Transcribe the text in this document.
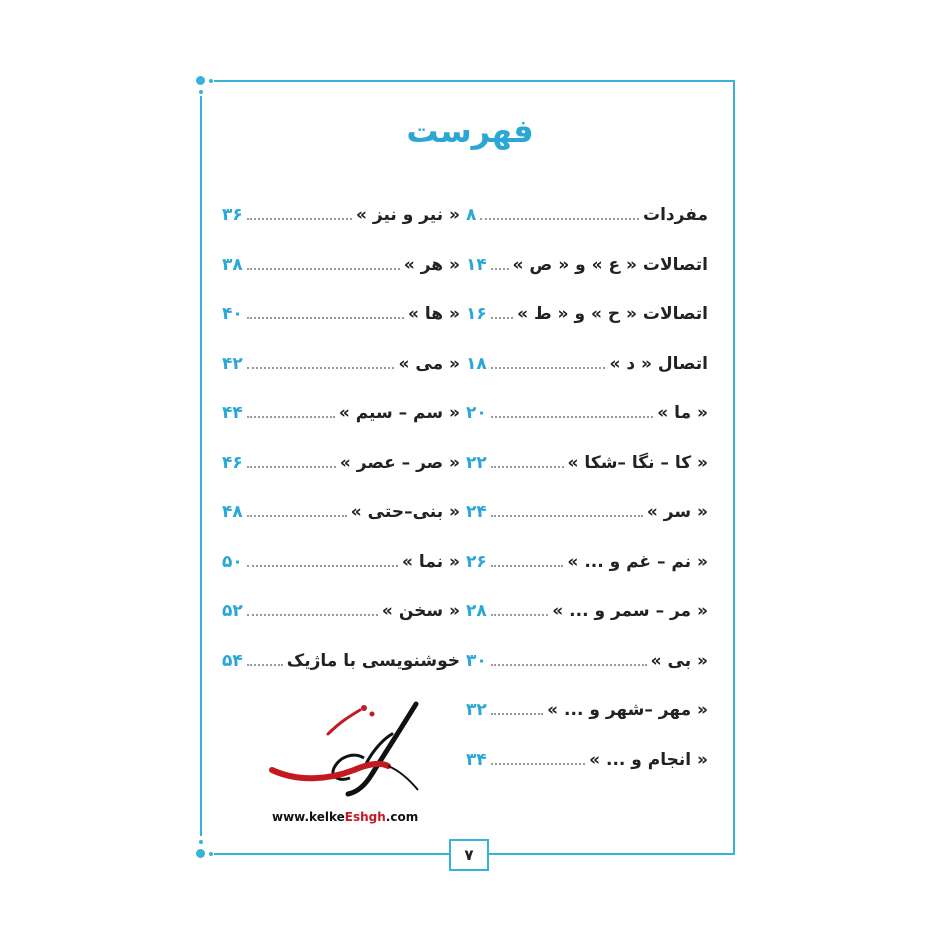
فهرست
مفردات
۸
اتصالات « ع » و « ص »
۱۴
اتصالات « ح » و « ط »
۱۶
اتصال « د »
۱۸
« ما »
۲۰
« کا – نگا –شکا »
۲۲
« سر »
۲۴
« نم – غم و ... »
۲۶
« مر – سمر و ... »
۲۸
« بی »
۳۰
« مهر –شهر و ... »
۳۲
« انجام و ... »
۳۴
« نیر و نیز »
۳۶
« هر »
۳۸
« ها »
۴۰
« می »
۴۲
« سم – سیم »
۴۴
« صر – عصر »
۴۶
« بنی–حتی »
۴۸
« نما »
۵۰
« سخن »
۵۲
خوشنویسی با ماژیک
۵۴
۷
www.kelkeEshgh.com
